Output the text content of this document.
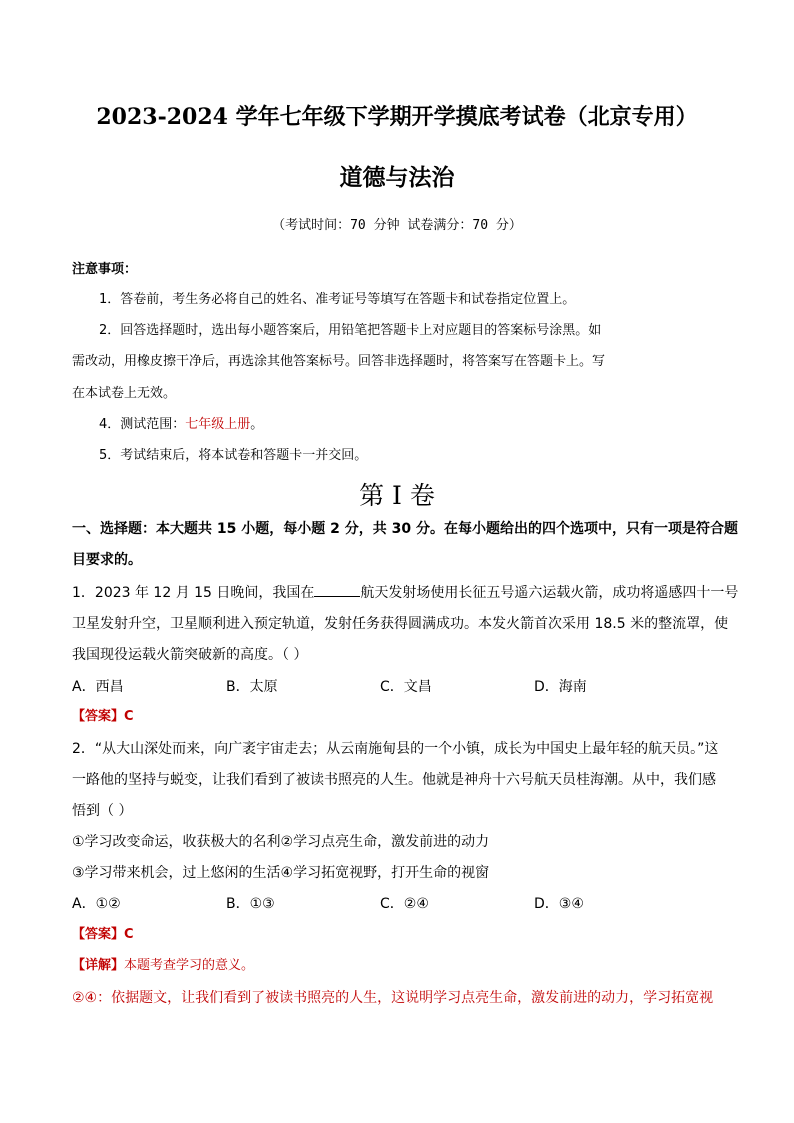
2023-2024 学年七年级下学期开学摸底考试卷（北京专用）
道德与法治
（考试时间：70 分钟 试卷满分：70 分）
注意事项：
1．答卷前，考生务必将自己的姓名、准考证号等填写在答题卡和试卷指定位置上。
2．回答选择题时，选出每小题答案后，用铅笔把答题卡上对应题目的答案标号涂黑。如
需改动，用橡皮擦干净后，再选涂其他答案标号。回答非选择题时，将答案写在答题卡上。写
在本试卷上无效。
4．测试范围：七年级上册。
5．考试结束后，将本试卷和答题卡一并交回。
第 I 卷
一、选择题：本大题共 15 小题，每小题 2 分，共 30 分。在每小题给出的四个选项中，只有一项是符合题
目要求的。
1．2023 年 12 月 15 日晚间，我国在	航天发射场使用长征五号遥六运载火箭，成功将遥感四十一号
卫星发射升空，卫星顺利进入预定轨道，发射任务获得圆满成功。本发火箭首次采用 18.5 米的整流罩，使
我国现役运载火箭突破新的高度。（ ）
A．西昌	B．太原	C．文昌	D．海南
【答案】C
2．“从大山深处而来，向广袤宇宙走去；从云南施甸县的一个小镇，成长为中国史上最年轻的航天员。”这
一路他的坚持与蜕变，让我们看到了被读书照亮的人生。他就是神舟十六号航天员桂海潮。从中，我们感
悟到（ ）
①学习改变命运，收获极大的名利②学习点亮生命，激发前进的动力
③学习带来机会，过上悠闲的生活④学习拓宽视野，打开生命的视窗
A．①②	B．①③	C．②④	D．③④
【答案】C
【详解】本题考查学习的意义。
②④：依据题文，让我们看到了被读书照亮的人生，这说明学习点亮生命，激发前进的动力，学习拓宽视
